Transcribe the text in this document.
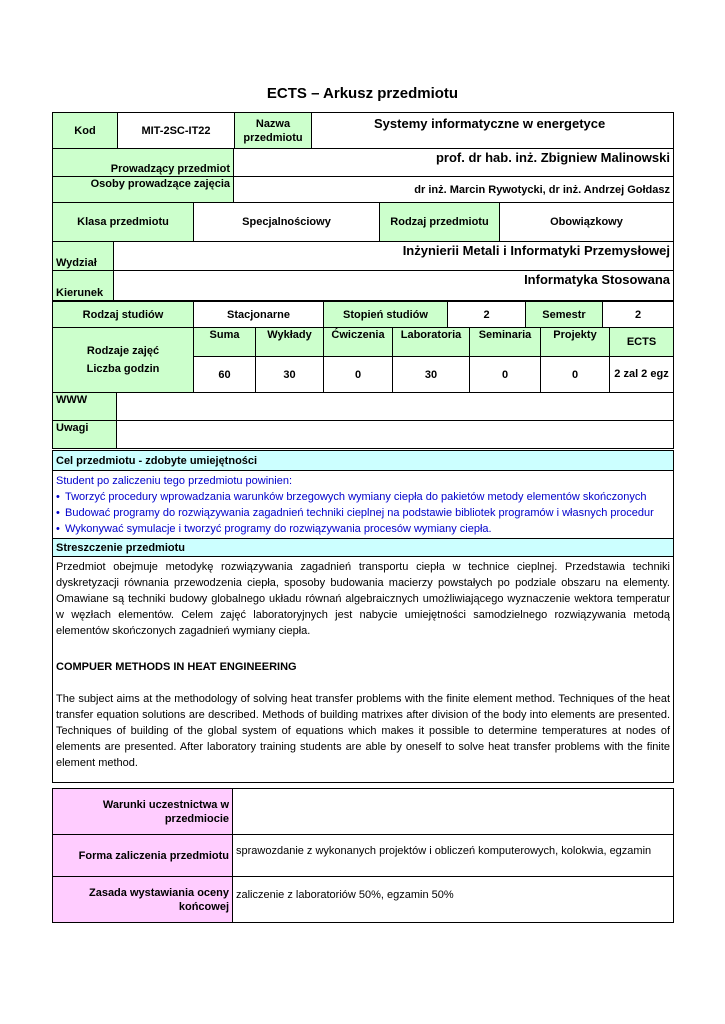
ECTS – Arkusz przedmiotu
Kod	MIT-2SC-IT22	Nazwa przedmiotu	Systemy informatyczne w energetyce
Prowadzący przedmiot	prof. dr hab. inż. Zbigniew Malinowski
Osoby prowadzące zajęcia	dr inż. Marcin Rywotycki, dr inż. Andrzej Gołdasz
Klasa przedmiotu	Specjalnościowy	Rodzaj przedmiotu	Obowiązkowy
Wydział	Inżynierii Metali i Informatyki Przemysłowej
Kierunek	Informatyka Stosowana
Rodzaj studiów	Stacjonarne	Stopień studiów	2	Semestr	2
Rodzaje zajęć
Liczba godzin	Suma	Wykłady	Ćwiczenia	Laboratoria	Seminaria	Projekty	ECTS
	60	30	0	30	0	0	2 zal 2 egz
WWW	
Uwagi	
Cel przedmiotu - zdobyte umiejętności

Student po zaliczeniu tego przedmiotu powinien:
• Tworzyć procedury wprowadzania warunków brzegowych wymiany ciepła do pakietów metody elementów skończonych
• Budować programy do rozwiązywania zagadnień techniki cieplnej na podstawie bibliotek programów i własnych procedur
• Wykonywać symulacje i tworzyć programy do rozwiązywania procesów wymiany ciepła.

Streszczenie przedmiotu

Przedmiot obejmuje metodykę rozwiązywania zagadnień transportu ciepła w technice cieplnej. Przedstawia techniki dyskretyzacji równania przewodzenia ciepła, sposoby budowania macierzy powstałych po podziale obszaru na elementy. Omawiane są techniki budowy globalnego układu równań algebraicznych umożliwiającego wyznaczenie wektora temperatur w węzłach elementów. Celem zajęć laboratoryjnych jest nabycie umiejętności samodzielnego rozwiązywania metodą elementów skończonych zagadnień wymiany ciepła.
COMPUER METHODS IN HEAT ENGINEERING
The subject aims at the methodology of solving heat transfer problems with the finite element method. Techniques of the heat transfer equation solutions are described. Methods of building matrixes after division of the body into elements are presented. Techniques of building of the global system of equations which makes it possible to determine temperatures at nodes of elements are presented. After laboratory training students are able by oneself to solve heat transfer problems with the finite element method.
Warunki uczestnictwa w przedmiocie	
Forma zaliczenia przedmiotu	sprawozdanie z wykonanych projektów i obliczeń komputerowych, kolokwia, egzamin
Zasada wystawiania oceny końcowej	zaliczenie z laboratoriów 50%, egzamin 50%
